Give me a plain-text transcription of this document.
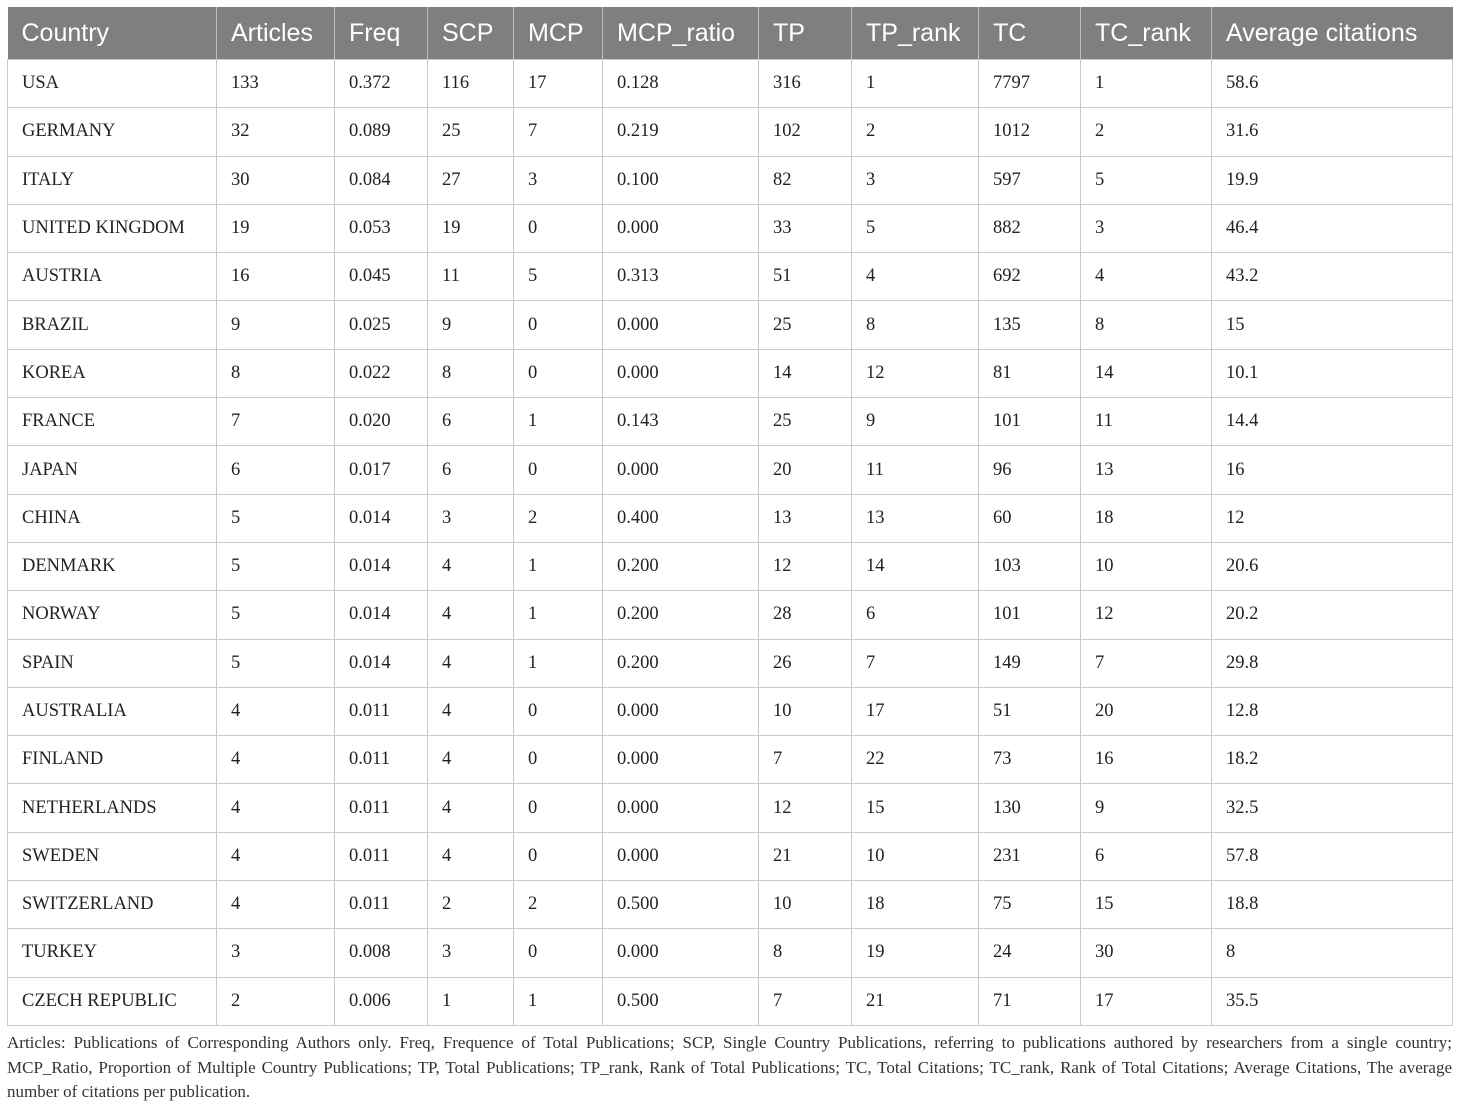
Country	Articles	Freq	SCP	MCP	MCP_ratio	TP	TP_rank	TC	TC_rank	Average citations
USA	133	0.372	116	17	0.128	316	1	7797	1	58.6
GERMANY	32	0.089	25	7	0.219	102	2	1012	2	31.6
ITALY	30	0.084	27	3	0.100	82	3	597	5	19.9
UNITED KINGDOM	19	0.053	19	0	0.000	33	5	882	3	46.4
AUSTRIA	16	0.045	11	5	0.313	51	4	692	4	43.2
BRAZIL	9	0.025	9	0	0.000	25	8	135	8	15
KOREA	8	0.022	8	0	0.000	14	12	81	14	10.1
FRANCE	7	0.020	6	1	0.143	25	9	101	11	14.4
JAPAN	6	0.017	6	0	0.000	20	11	96	13	16
CHINA	5	0.014	3	2	0.400	13	13	60	18	12
DENMARK	5	0.014	4	1	0.200	12	14	103	10	20.6
NORWAY	5	0.014	4	1	0.200	28	6	101	12	20.2
SPAIN	5	0.014	4	1	0.200	26	7	149	7	29.8
AUSTRALIA	4	0.011	4	0	0.000	10	17	51	20	12.8
FINLAND	4	0.011	4	0	0.000	7	22	73	16	18.2
NETHERLANDS	4	0.011	4	0	0.000	12	15	130	9	32.5
SWEDEN	4	0.011	4	0	0.000	21	10	231	6	57.8
SWITZERLAND	4	0.011	2	2	0.500	10	18	75	15	18.8
TURKEY	3	0.008	3	0	0.000	8	19	24	30	8
CZECH REPUBLIC	2	0.006	1	1	0.500	7	21	71	17	35.5

Articles: Publications of Corresponding Authors only. Freq, Frequence of Total Publications; SCP, Single Country Publications, referring to publications authored by researchers from a single country; MCP_Ratio, Proportion of Multiple Country Publications; TP, Total Publications; TP_rank, Rank of Total Publications; TC, Total Citations; TC_rank, Rank of Total Citations; Average Citations, The average number of citations per publication.
